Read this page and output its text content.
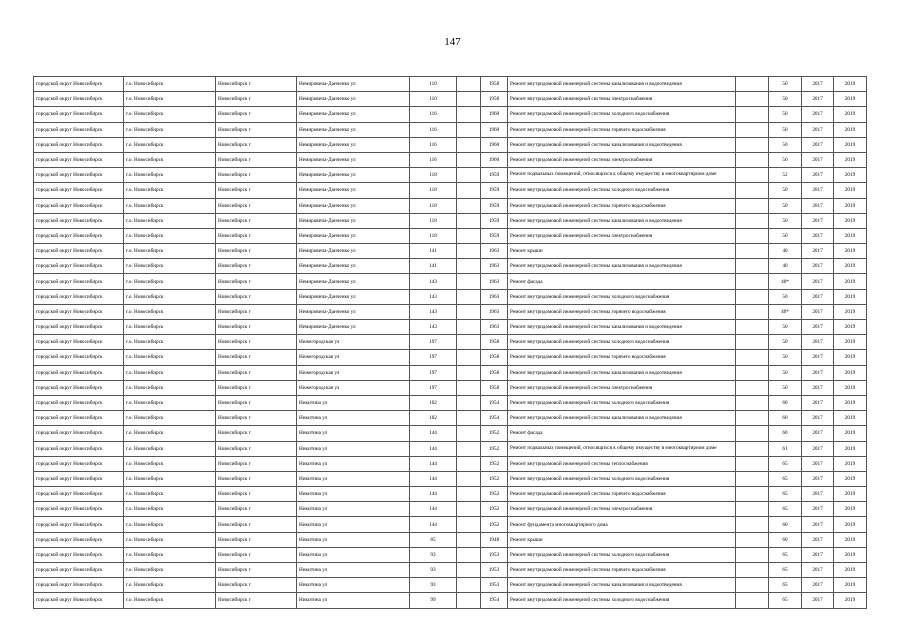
147
городской округ Новосибирск	г.о. Новосибирск	Новосибирск г	Немировича-Данченко ул	110		1958	Ремонт внутридомовой инженерной системы канализования и водоотведения		50	2017	2019
городской округ Новосибирск	г.о. Новосибирск	Новосибирск г	Немировича-Данченко ул	110		1958	Ремонт внутридомовой инженерной системы электроснабжения		50	2017	2019
городской округ Новосибирск	г.о. Новосибирск	Новосибирск г	Немировича-Данченко ул	116		1960	Ремонт внутридомовой инженерной системы холодного водоснабжения		50	2017	2019
городской округ Новосибирск	г.о. Новосибирск	Новосибирск г	Немировича-Данченко ул	116		1960	Ремонт внутридомовой инженерной системы горячего водоснабжения		50	2017	2019
городской округ Новосибирск	г.о. Новосибирск	Новосибирск г	Немировича-Данченко ул	116		1960	Ремонт внутридомовой инженерной системы канализования и водоотведения		50	2017	2019
городской округ Новосибирск	г.о. Новосибирск	Новосибирск г	Немировича-Данченко ул	116		1960	Ремонт внутридомовой инженерной системы электроснабжения		50	2017	2019
городской округ Новосибирск	г.о. Новосибирск	Новосибирск г	Немировича-Данченко ул	118		1959	Ремонт подвальных помещений, относящихся к общему имуществу в многоквартирном доме		52	2017	2019
городской округ Новосибирск	г.о. Новосибирск	Новосибирск г	Немировича-Данченко ул	118		1959	Ремонт внутридомовой инженерной системы холодного водоснабжения		50	2017	2019
городской округ Новосибирск	г.о. Новосибирск	Новосибирск г	Немировича-Данченко ул	118		1959	Ремонт внутридомовой инженерной системы горячего водоснабжения		50	2017	2019
городской округ Новосибирск	г.о. Новосибирск	Новосибирск г	Немировича-Данченко ул	118		1959	Ремонт внутридомовой инженерной системы канализования и водоотведения		50	2017	2019
городской округ Новосибирск	г.о. Новосибирск	Новосибирск г	Немировича-Данченко ул	118		1959	Ремонт внутридомовой инженерной системы электроснабжения		50	2017	2019
городской округ Новосибирск	г.о. Новосибирск	Новосибирск г	Немировича-Данченко ул	141		1963	Ремонт крыши		40	2017	2019
городской округ Новосибирск	г.о. Новосибирск	Новосибирск г	Немировича-Данченко ул	141		1963	Ремонт внутридомовой инженерной системы канализования и водоотведения		40	2017	2019
городской округ Новосибирск	г.о. Новосибирск	Новосибирск г	Немировича-Данченко ул	143		1963	Ремонт фасада		40*	2017	2019
городской округ Новосибирск	г.о. Новосибирск	Новосибирск г	Немировича-Данченко ул	143		1963	Ремонт внутридомовой инженерной системы холодного водоснабжения		50	2017	2019
городской округ Новосибирск	г.о. Новосибирск	Новосибирск г	Немировича-Данченко ул	143		1963	Ремонт внутридомовой инженерной системы горячего водоснабжения		40*	2017	2019
городской округ Новосибирск	г.о. Новосибирск	Новосибирск г	Немировича-Данченко ул	143		1963	Ремонт внутридомовой инженерной системы канализования и водоотведения		50	2017	2019
городской округ Новосибирск	г.о. Новосибирск	Новосибирск г	Нижегородская ул	197		1958	Ремонт внутридомовой инженерной системы холодного водоснабжения		50	2017	2019
городской округ Новосибирск	г.о. Новосибирск	Новосибирск г	Нижегородская ул	197		1958	Ремонт внутридомовой инженерной системы горячего водоснабжения		50	2017	2019
городской округ Новосибирск	г.о. Новосибирск	Новосибирск г	Нижегородская ул	197		1958	Ремонт внутридомовой инженерной системы канализования и водоотведения		50	2017	2019
городской округ Новосибирск	г.о. Новосибирск	Новосибирск г	Нижегородская ул	197		1958	Ремонт внутридомовой инженерной системы электроснабжения		50	2017	2019
городской округ Новосибирск	г.о. Новосибирск	Новосибирск г	Никитина ул	102		1954	Ремонт внутридомовой инженерной системы холодного водоснабжения		60	2017	2019
городской округ Новосибирск	г.о. Новосибирск	Новосибирск г	Никитина ул	102		1954	Ремонт внутридомовой инженерной системы канализования и водоотведения		60	2017	2019
городской округ Новосибирск	г.о. Новосибирск	Новосибирск г	Никитина ул	144		1952	Ремонт фасада		60	2017	2019
городской округ Новосибирск	г.о. Новосибирск	Новосибирск г	Никитина ул	144		1952	Ремонт подвальных помещений, относящихся к общему имуществу в многоквартирном доме		61	2017	2019
городской округ Новосибирск	г.о. Новосибирск	Новосибирск г	Никитина ул	144		1952	Ремонт внутридомовой инженерной системы теплоснабжения		65	2017	2019
городской округ Новосибирск	г.о. Новосибирск	Новосибирск г	Никитина ул	144		1952	Ремонт внутридомовой инженерной системы холодного водоснабжения		65	2017	2019
городской округ Новосибирск	г.о. Новосибирск	Новосибирск г	Никитина ул	144		1952	Ремонт внутридомовой инженерной системы горячего водоснабжения		65	2017	2019
городской округ Новосибирск	г.о. Новосибирск	Новосибирск г	Никитина ул	144		1952	Ремонт внутридомовой инженерной системы электроснабжения		65	2017	2019
городской округ Новосибирск	г.о. Новосибирск	Новосибирск г	Никитина ул	144		1952	Ремонт фундамента многоквартирного дома		60	2017	2019
городской округ Новосибирск	г.о. Новосибирск	Новосибирск г	Никитина ул	85		1948	Ремонт крыши		60	2017	2019
городской округ Новосибирск	г.о. Новосибирск	Новосибирск г	Никитина ул	93		1953	Ремонт внутридомовой инженерной системы холодного водоснабжения		65	2017	2019
городской округ Новосибирск	г.о. Новосибирск	Новосибирск г	Никитина ул	93		1953	Ремонт внутридомовой инженерной системы горячего водоснабжения		65	2017	2019
городской округ Новосибирск	г.о. Новосибирск	Новосибирск г	Никитина ул	93		1953	Ремонт внутридомовой инженерной системы канализования и водоотведения		65	2017	2019
городской округ Новосибирск	г.о. Новосибирск	Новосибирск г	Никитина ул	99		1954	Ремонт внутридомовой инженерной системы холодного водоснабжения		65	2017	2019
